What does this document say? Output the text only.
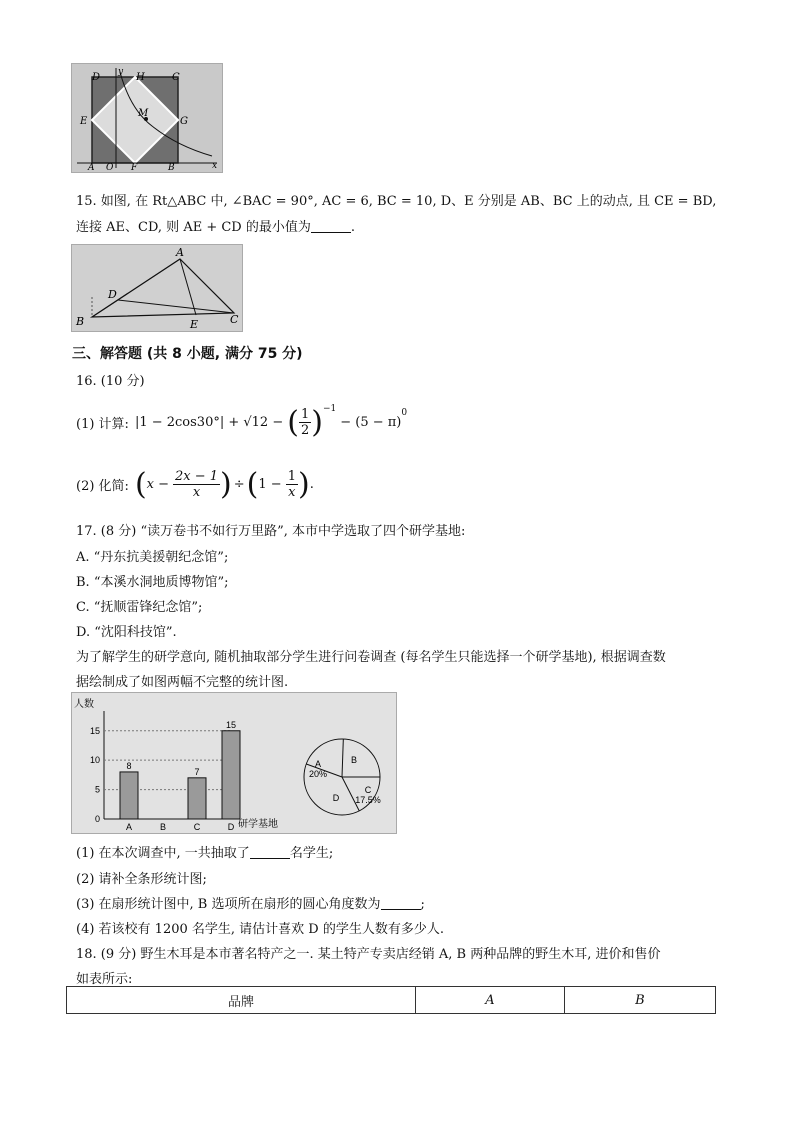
D	H	C
E
M
G
A O F	B
y
x
15. 如图, 在 Rt△ABC 中, ∠BAC = 90°, AC = 6, BC = 10, D、E 分别是 AB、BC 上的动点, 且 CE = BD,
连接 AE、CD, 则 AE + CD 的最小值为	.
A
D
B	E	C
三、解答题 (共 8 小题, 满分 75 分)
16. (10 分)
(1) 计算: |1 − 2cos30°| + √12 − ( $\frac{1}{2} )^{-1}$
− (5 − π)
$^0$
(2) 化简: ( $x - \frac{2x - 1}{x}$ ) ÷ ( $1 - \frac{1}{x}$ ) .
17. (8 分) “读万卷书不如行万里路”, 本市中学选取了四个研学基地:
A. “丹东抗美援朝纪念馆”;
B. “本溪水洞地质博物馆”;
C. “抚顺雷锋纪念馆”;
D. “沈阳科技馆”.
为了解学生的研学意向, 随机抽取部分学生进行问卷调查 (每名学生只能选择一个研学基地), 根据调查数
据绘制成了如图两幅不完整的统计图.
人数
研学基地
0
5
10
15
8
A	B
7
C
15
D
A
20%
B
C
17.5%
D
(1) 在本次调查中, 一共抽取了	名学生;
(2) 请补全条形统计图;
(3) 在扇形统计图中, B 选项所在扇形的圆心角度数为	;
(4) 若该校有 1200 名学生, 请估计喜欢 D 的学生人数有多少人.
18. (9 分) 野生木耳是本市著名特产之一. 某土特产专卖店经销 A, B 两种品牌的野生木耳, 进价和售价
如表所示:
品牌	A	B
